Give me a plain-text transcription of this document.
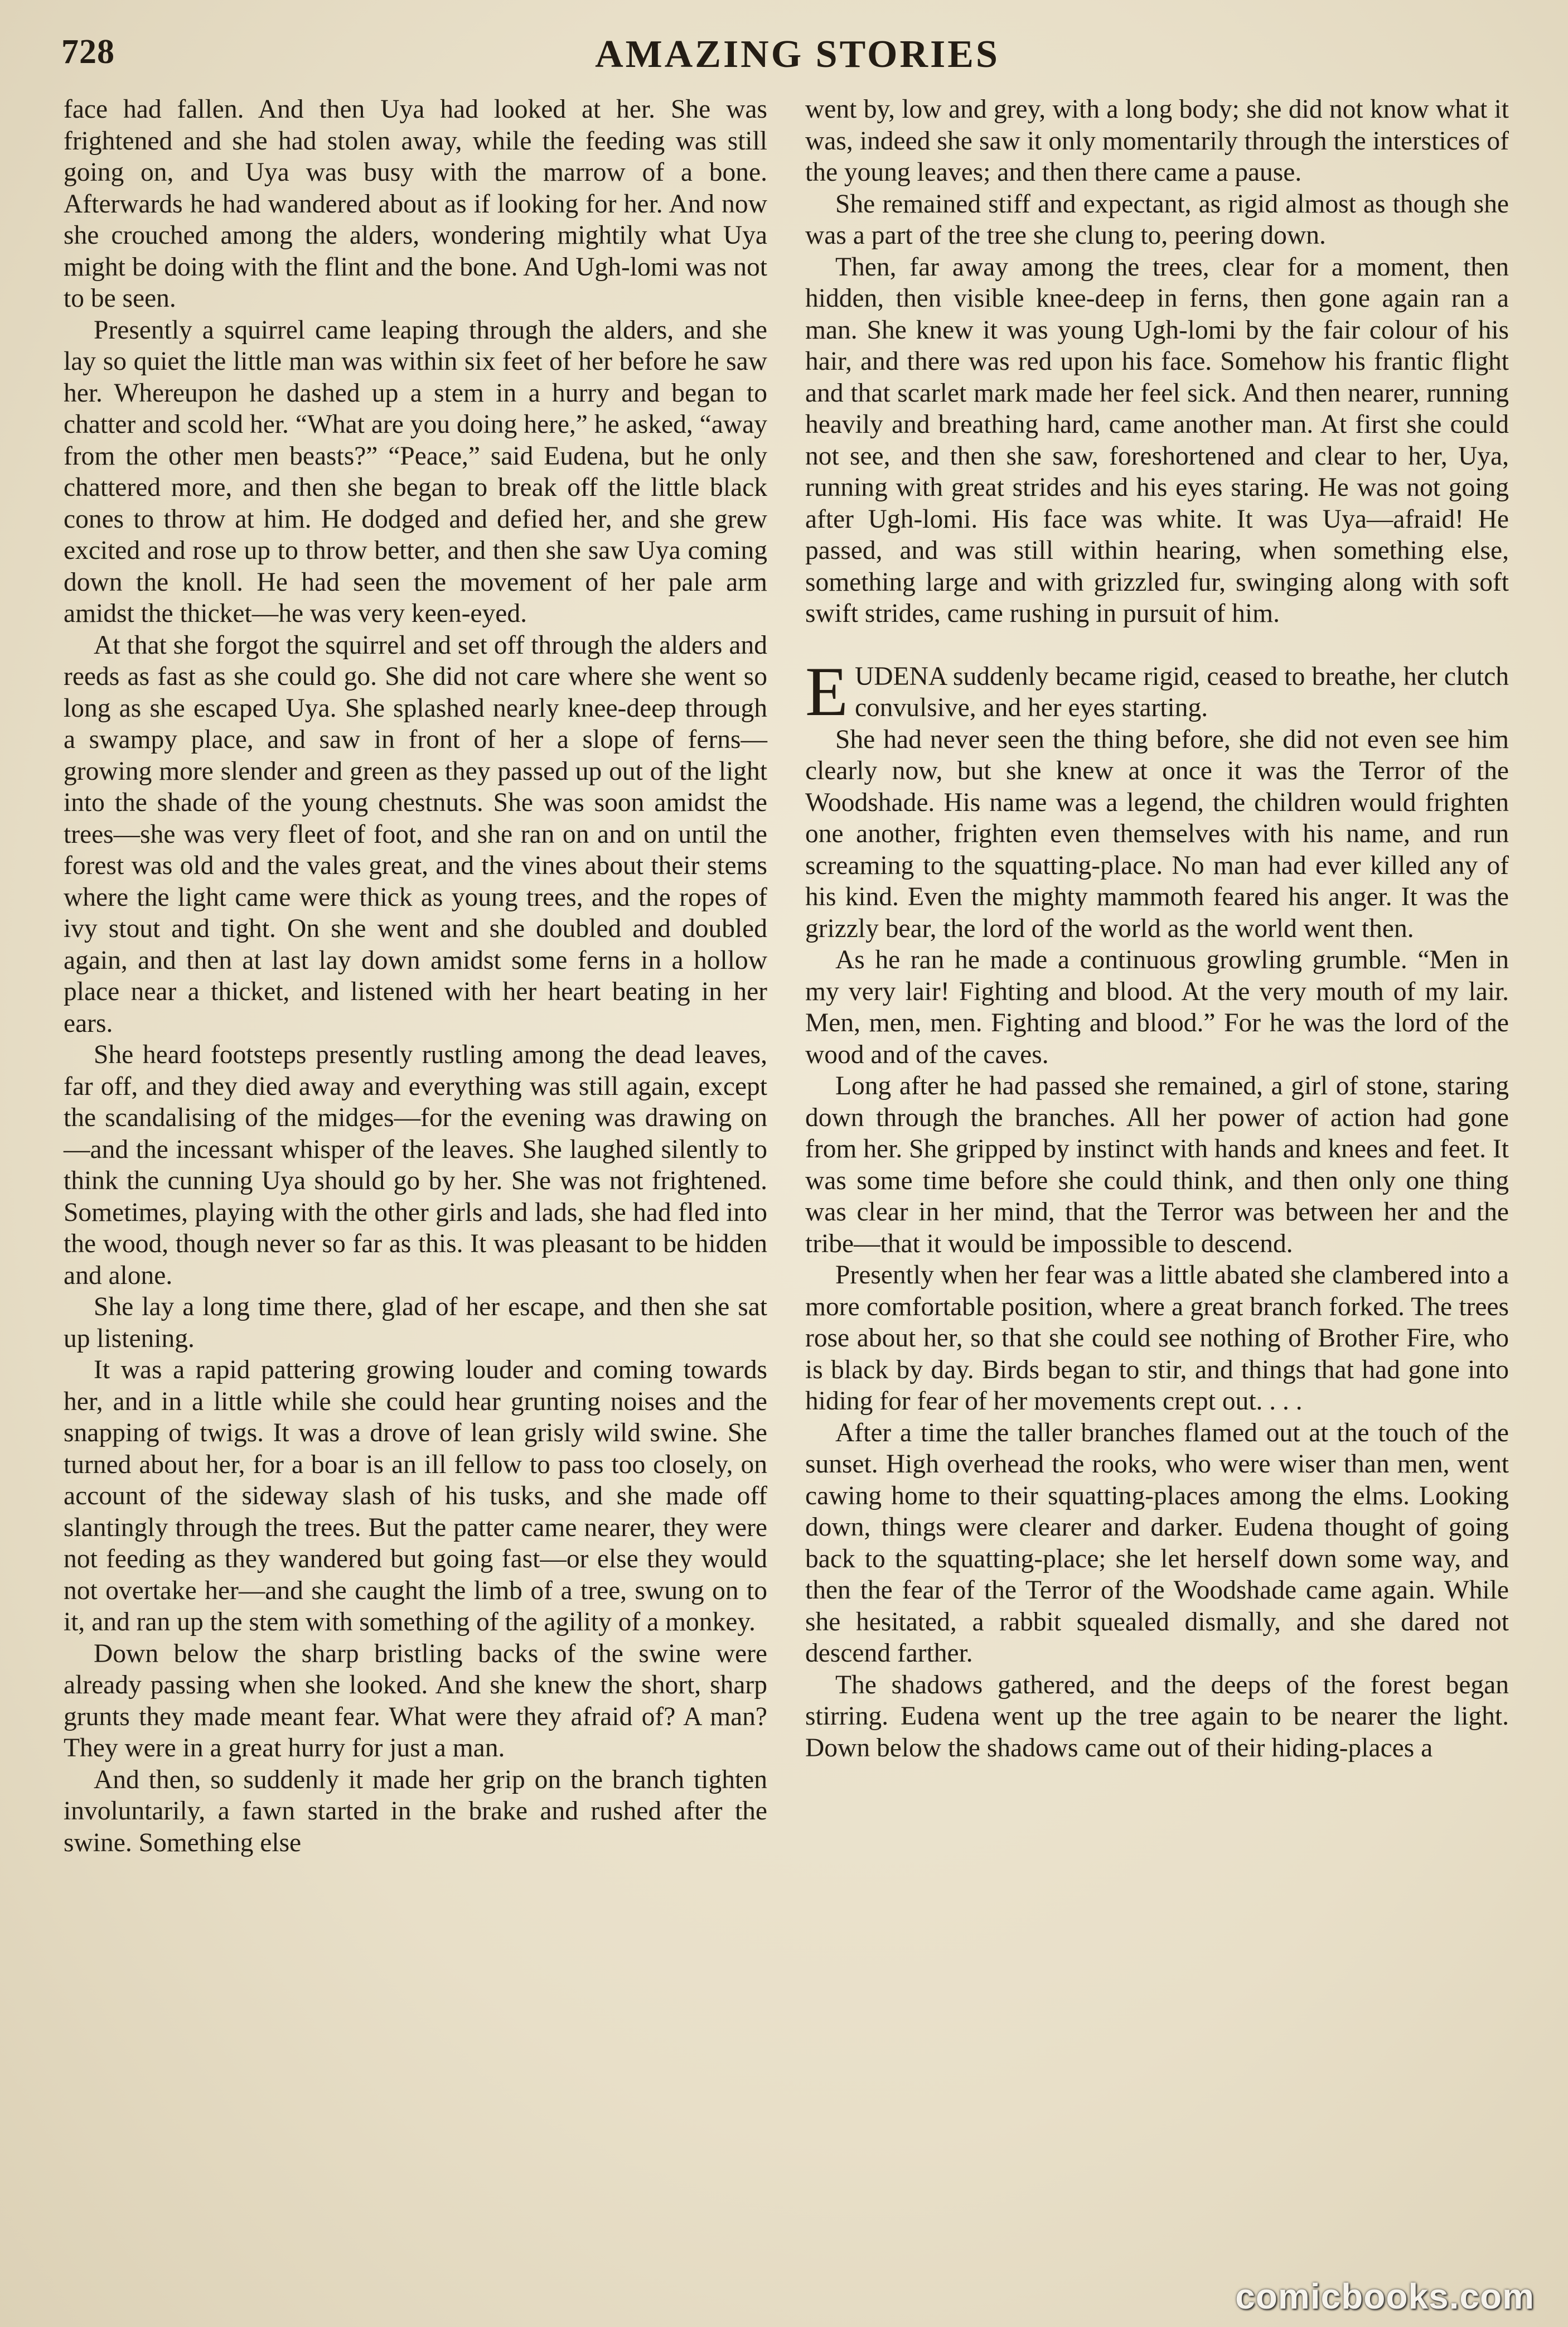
728	AMAZING STORIES

face had fallen. And then Uya had looked at her. She was frightened and she had stolen away, while the feeding was still going on, and Uya was busy with the marrow of a bone. Afterwards he had wandered about as if looking for her. And now she crouched among the alders, wondering mightily what Uya might be doing with the flint and the bone. And Ugh-lomi was not to be seen.

Presently a squirrel came leaping through the alders, and she lay so quiet the little man was within six feet of her before he saw her. Whereupon he dashed up a stem in a hurry and began to chatter and scold her. “What are you doing here,” he asked, “away from the other men beasts?” “Peace,” said Eudena, but he only chattered more, and then she began to break off the little black cones to throw at him. He dodged and defied her, and she grew excited and rose up to throw better, and then she saw Uya coming down the knoll. He had seen the movement of her pale arm amidst the thicket—he was very keen-eyed.

At that she forgot the squirrel and set off through the alders and reeds as fast as she could go. She did not care where she went so long as she escaped Uya. She splashed nearly knee-deep through a swampy place, and saw in front of her a slope of ferns—growing more slender and green as they passed up out of the light into the shade of the young chestnuts. She was soon amidst the trees—she was very fleet of foot, and she ran on and on until the forest was old and the vales great, and the vines about their stems where the light came were thick as young trees, and the ropes of ivy stout and tight. On she went and she doubled and doubled again, and then at last lay down amidst some ferns in a hollow place near a thicket, and listened with her heart beating in her ears.

She heard footsteps presently rustling among the dead leaves, far off, and they died away and everything was still again, except the scandalising of the midges—for the evening was drawing on—and the incessant whisper of the leaves. She laughed silently to think the cunning Uya should go by her. She was not frightened. Sometimes, playing with the other girls and lads, she had fled into the wood, though never so far as this. It was pleasant to be hidden and alone.

She lay a long time there, glad of her escape, and then she sat up listening.

It was a rapid pattering growing louder and coming towards her, and in a little while she could hear grunting noises and the snapping of twigs. It was a drove of lean grisly wild swine. She turned about her, for a boar is an ill fellow to pass too closely, on account of the sideway slash of his tusks, and she made off slantingly through the trees. But the patter came nearer, they were not feeding as they wandered but going fast—or else they would not overtake her—and she caught the limb of a tree, swung on to it, and ran up the stem with something of the agility of a monkey.

Down below the sharp bristling backs of the swine were already passing when she looked. And she knew the short, sharp grunts they made meant fear. What were they afraid of? A man? They were in a great hurry for just a man.

And then, so suddenly it made her grip on the branch tighten involuntarily, a fawn started in the brake and rushed after the swine. Something else

went by, low and grey, with a long body; she did not know what it was, indeed she saw it only momentarily through the interstices of the young leaves; and then there came a pause.

She remained stiff and expectant, as rigid almost as though she was a part of the tree she clung to, peering down.

Then, far away among the trees, clear for a moment, then hidden, then visible knee-deep in ferns, then gone again ran a man. She knew it was young Ugh-lomi by the fair colour of his hair, and there was red upon his face. Somehow his frantic flight and that scarlet mark made her feel sick. And then nearer, running heavily and breathing hard, came another man. At first she could not see, and then she saw, foreshortened and clear to her, Uya, running with great strides and his eyes staring. He was not going after Ugh-lomi. His face was white. It was Uya—afraid! He passed, and was still within hearing, when something else, something large and with grizzled fur, swinging along with soft swift strides, came rushing in pursuit of him.

EUDENA suddenly became rigid, ceased to breathe, her clutch convulsive, and her eyes starting.

She had never seen the thing before, she did not even see him clearly now, but she knew at once it was the Terror of the Woodshade. His name was a legend, the children would frighten one another, frighten even themselves with his name, and run screaming to the squatting-place. No man had ever killed any of his kind. Even the mighty mammoth feared his anger. It was the grizzly bear, the lord of the world as the world went then.

As he ran he made a continuous growling grumble. “Men in my very lair! Fighting and blood. At the very mouth of my lair. Men, men, men. Fighting and blood.” For he was the lord of the wood and of the caves.

Long after he had passed she remained, a girl of stone, staring down through the branches. All her power of action had gone from her. She gripped by instinct with hands and knees and feet. It was some time before she could think, and then only one thing was clear in her mind, that the Terror was between her and the tribe—that it would be impossible to descend.

Presently when her fear was a little abated she clambered into a more comfortable position, where a great branch forked. The trees rose about her, so that she could see nothing of Brother Fire, who is black by day. Birds began to stir, and things that had gone into hiding for fear of her movements crept out. . . .

After a time the taller branches flamed out at the touch of the sunset. High overhead the rooks, who were wiser than men, went cawing home to their squatting-places among the elms. Looking down, things were clearer and darker. Eudena thought of going back to the squatting-place; she let herself down some way, and then the fear of the Terror of the Woodshade came again. While she hesitated, a rabbit squealed dismally, and she dared not descend farther.

The shadows gathered, and the deeps of the forest began stirring. Eudena went up the tree again to be nearer the light. Down below the shadows came out of their hiding-places a

comicbooks.com
